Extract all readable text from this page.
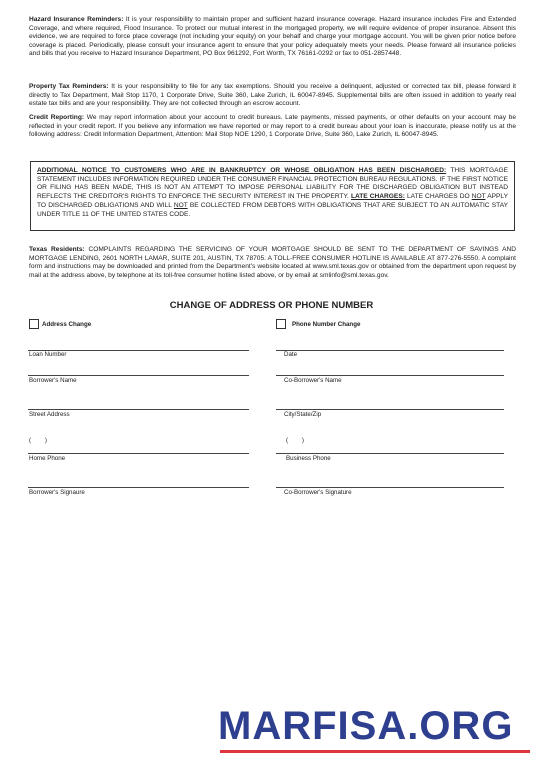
Hazard Insurance Reminders: It is your responsibility to maintain proper and sufficient hazard insurance coverage. Hazard insurance includes Fire and Extended Coverage, and where required, Flood Insurance. To protect our mutual interest in the mortgaged property, we will require evidence of proper insurance. Absent this evidence, we are required to force place coverage (not including your equity) on your behalf and charge your mortgage account. You will be given prior notice before coverage is placed. Periodically, please consult your insurance agent to ensure that your policy adequately meets your needs. Please forward all insurance policies and bills that you receive to Hazard Insurance Department, PO Box 961292, Fort Worth, TX 76161-0292 or fax to 051-2857448.

Property Tax Reminders: It is your responsibility to file for any tax exemptions. Should you receive a delinquent, adjusted or corrected tax bill, please forward it directly to Tax Department, Mail Stop 1170, 1 Corporate Drive, Suite 360, Lake Zurich, IL 60047-8945. Supplemental bills are often issued in addition to yearly real estate tax bills and are your responsibility. They are not collected through an escrow account.

Credit Reporting: We may report information about your account to credit bureaus. Late payments, missed payments, or other defaults on your account may be reflected in your credit report. If you believe any information we have reported or may report to a credit bureau about your loan is inaccurate, please notify us at the following address: Credit Information Department, Attention: Mail Stop NOE 1290, 1 Corporate Drive, Suite 360, Lake Zurich, IL 60047-8945.

ADDITIONAL NOTICE TO CUSTOMERS WHO ARE IN BANKRUPTCY OR WHOSE OBLIGATION HAS BEEN DISCHARGED: THIS MORTGAGE STATEMENT INCLUDES INFORMATION REQUIRED UNDER THE CONSUMER FINANCIAL PROTECTION BUREAU REGULATIONS. IF THE FIRST NOTICE OR FILING HAS BEEN MADE, THIS IS NOT AN ATTEMPT TO IMPOSE PERSONAL LIABILITY FOR THE DISCHARGED OBLIGATION BUT INSTEAD REFLECTS THE CREDITOR'S RIGHTS TO ENFORCE THE SECURITY INTEREST IN THE PROPERTY. LATE CHARGES: LATE CHARGES DO NOT APPLY TO DISCHARGED OBLIGATIONS AND WILL NOT BE COLLECTED FROM DEBTORS WITH OBLIGATIONS THAT ARE SUBJECT TO AN AUTOMATIC STAY UNDER TITLE 11 OF THE UNITED STATES CODE.

Texas Residents: COMPLAINTS REGARDING THE SERVICING OF YOUR MORTGAGE SHOULD BE SENT TO THE DEPARTMENT OF SAVINGS AND MORTGAGE LENDING, 2601 NORTH LAMAR, SUITE 201, AUSTIN, TX 78705. A TOLL-FREE CONSUMER HOTLINE IS AVAILABLE AT 877-276-5550. A complaint form and instructions may be downloaded and printed from the Department's website located at www.sml.texas.gov or obtained from the department upon request by mail at the address above, by telephone at its toll-free consumer hotline listed above, or by email at smlinfo@sml.texas.gov.

CHANGE OF ADDRESS OR PHONE NUMBER
Address Change	Phone Number Change
Loan Number	Date
Borrower's Name	Co-Borrower's Name
Street Address	City/State/Zip
(        )	(        )
Home Phone	Business Phone
Borrower's Signaure	Co-Borrower's Signature
MARFISA.ORG
